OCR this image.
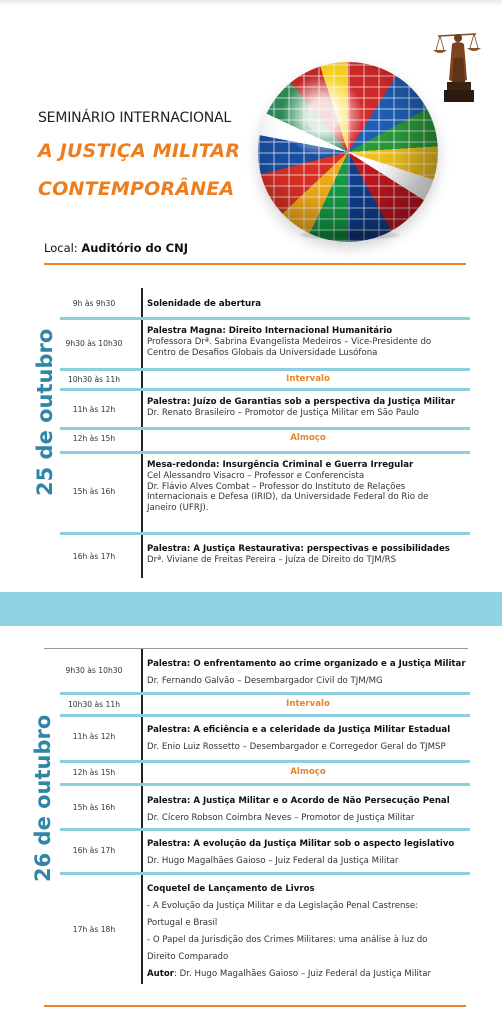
SEMINÁRIO INTERNACIONAL
A JUSTIÇA MILITAR
CONTEMPORÂNEA
Local: Auditório do CNJ
25 de outubro
9h às 9h30	Solenidade de abertura
9h30 às 10h30
Palestra Magna: Direito Internacional Humanitário
Professora Drª. Sabrina Evangelista Medeiros – Vice-Presidente do
Centro de Desafios Globais da Universidade Lusófona
10h30 às 11h	Intervalo
11h às 12h
Palestra: Juízo de Garantias sob a perspectiva da Justiça Militar
Dr. Renato Brasileiro – Promotor de Justiça Militar em São Paulo
12h às 15h	Almoço
15h às 16h
Mesa-redonda: Insurgência Criminal e Guerra Irregular
Cel Alessandro Visacro – Professor e Conferencista
Dr. Flávio Alves Combat – Professor do Instituto de Relações
Internacionais e Defesa (IRID), da Universidade Federal do Rio de
Janeiro (UFRJ).
16h às 17h
Palestra: A Justiça Restaurativa: perspectivas e possibilidades
Drª. Viviane de Freitas Pereira – Juíza de Direito do TJM/RS
26 de outubro
9h30 às 10h30
Palestra: O enfrentamento ao crime organizado e a Justiça Militar
Dr. Fernando Galvão – Desembargador Civil do TJM/MG
10h30 às 11h	Intervalo
11h às 12h
Palestra: A eficiência e a celeridade da Justiça Militar Estadual
Dr. Enio Luiz Rossetto – Desembargador e Corregedor Geral do TJMSP
12h às 15h	Almoço
15h às 16h
Palestra: A Justiça Militar e o Acordo de Não Persecução Penal
Dr. Cícero Robson Coimbra Neves – Promotor de Justiça Militar
16h às 17h
Palestra: A evolução da Justiça Militar sob o aspecto legislativo
Dr. Hugo Magalhães Gaioso – Juiz Federal da Justiça Militar
17h às 18h
Coquetel de Lançamento de Livros
- A Evolução da Justiça Militar e da Legislação Penal Castrense:
Portugal e Brasil
- O Papel da Jurisdição dos Crimes Militares: uma análise à luz do
Direito Comparado
Autor: Dr. Hugo Magalhães Gaioso – Juiz Federal da Justiça Militar
